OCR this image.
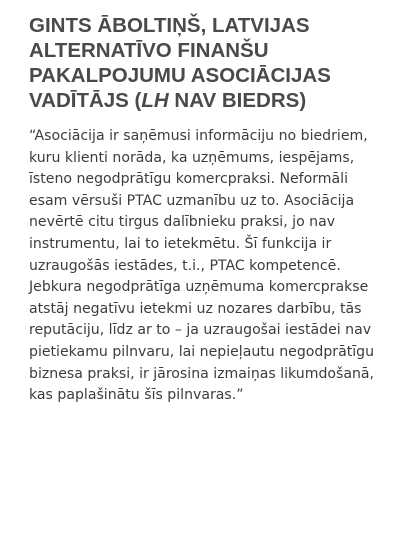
GINTS ĀBOLTIŅŠ, LATVIJAS ALTERNATĪVO FINANŠU PAKALPOJUMU ASOCIĀCIJAS VADĪTĀJS (LH NAV BIEDRS)

“Asociācija ir saņēmusi informāciju no biedriem, kuru klienti norāda, ka uzņēmums, iespējams, īsteno negodprātīgu komercpraksi. Neformāli esam vērsuši PTAC uzmanību uz to. Asociācija nevērtē citu tirgus dalībnieku praksi, jo nav instrumentu, lai to ietekmētu. Šī funkcija ir uzraugošās iestādes, t.i., PTAC kompetencē. Jebkura negodprātīga uzņēmuma komercprakse atstāj negatīvu ietekmi uz nozares darbību, tās reputāciju, līdz ar to – ja uzraugošai iestādei nav pietiekamu pilnvaru, lai nepieļautu negodprātīgu biznesa praksi, ir jārosina izmaiņas likumdošanā, kas paplašinātu šīs pilnvaras.”
